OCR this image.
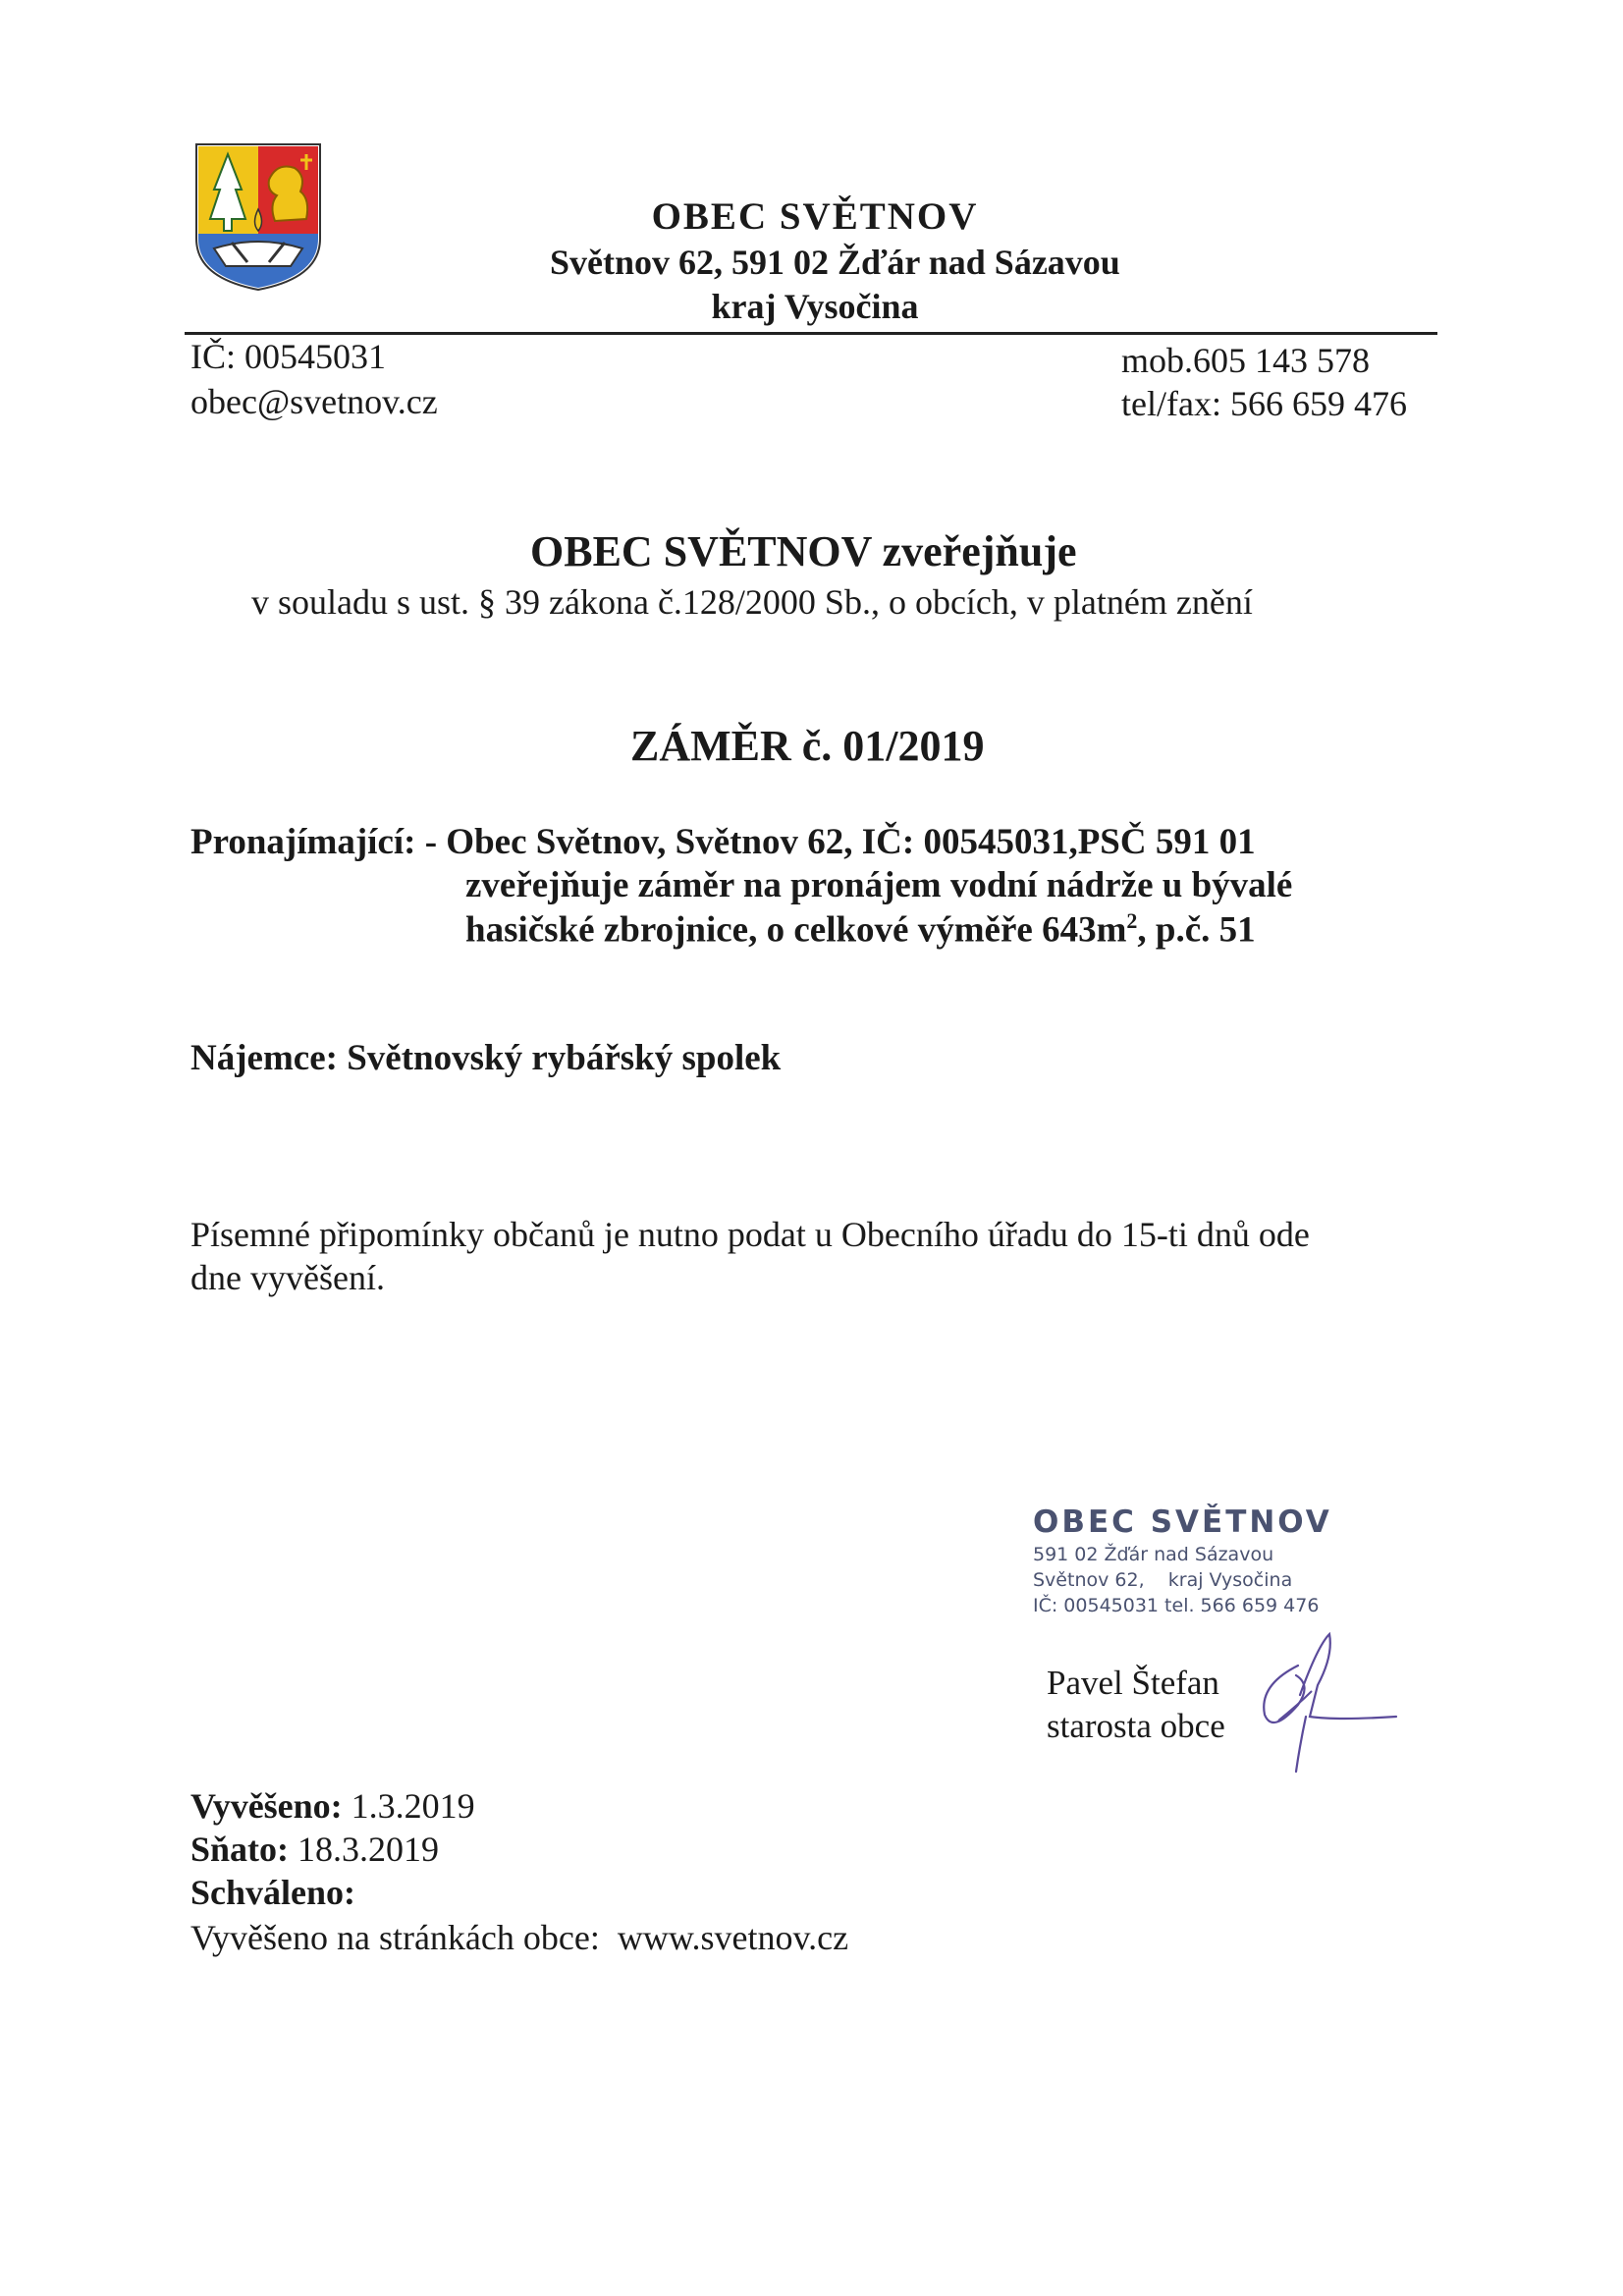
OBEC SVĚTNOV
Světnov 62, 591 02 Žďár nad Sázavou
kraj Vysočina
IČ: 00545031
obec@svetnov.cz
mob.605 143 578
tel/fax: 566 659 476
OBEC SVĚTNOV zveřejňuje
v souladu s ust. § 39 zákona č.128/2000 Sb., o obcích, v platném znění
ZÁMĚR č. 01/2019
Pronajímající: - Obec Světnov, Světnov 62, IČ: 00545031,PSČ 591 01
zveřejňuje záměr na pronájem vodní nádrže u bývalé
hasičské zbrojnice, o celkové výměře $643m^2$, p.č. 51
Nájemce: Světnovský rybářský spolek
Písemné připomínky občanů je nutno podat u Obecního úřadu do 15-ti dnů ode
dne vyvěšení.
OBEC SVĚTNOV
591 02 Žďár nad Sázavou
Světnov 62,    kraj Vysočina
IČ: 00545031 tel. 566 659 476
Pavel Štefan
starosta obce
Vyvěšeno: 1.3.2019
Sňato: 18.3.2019
Schváleno:
Vyvěšeno na stránkách obce:  www.svetnov.cz
